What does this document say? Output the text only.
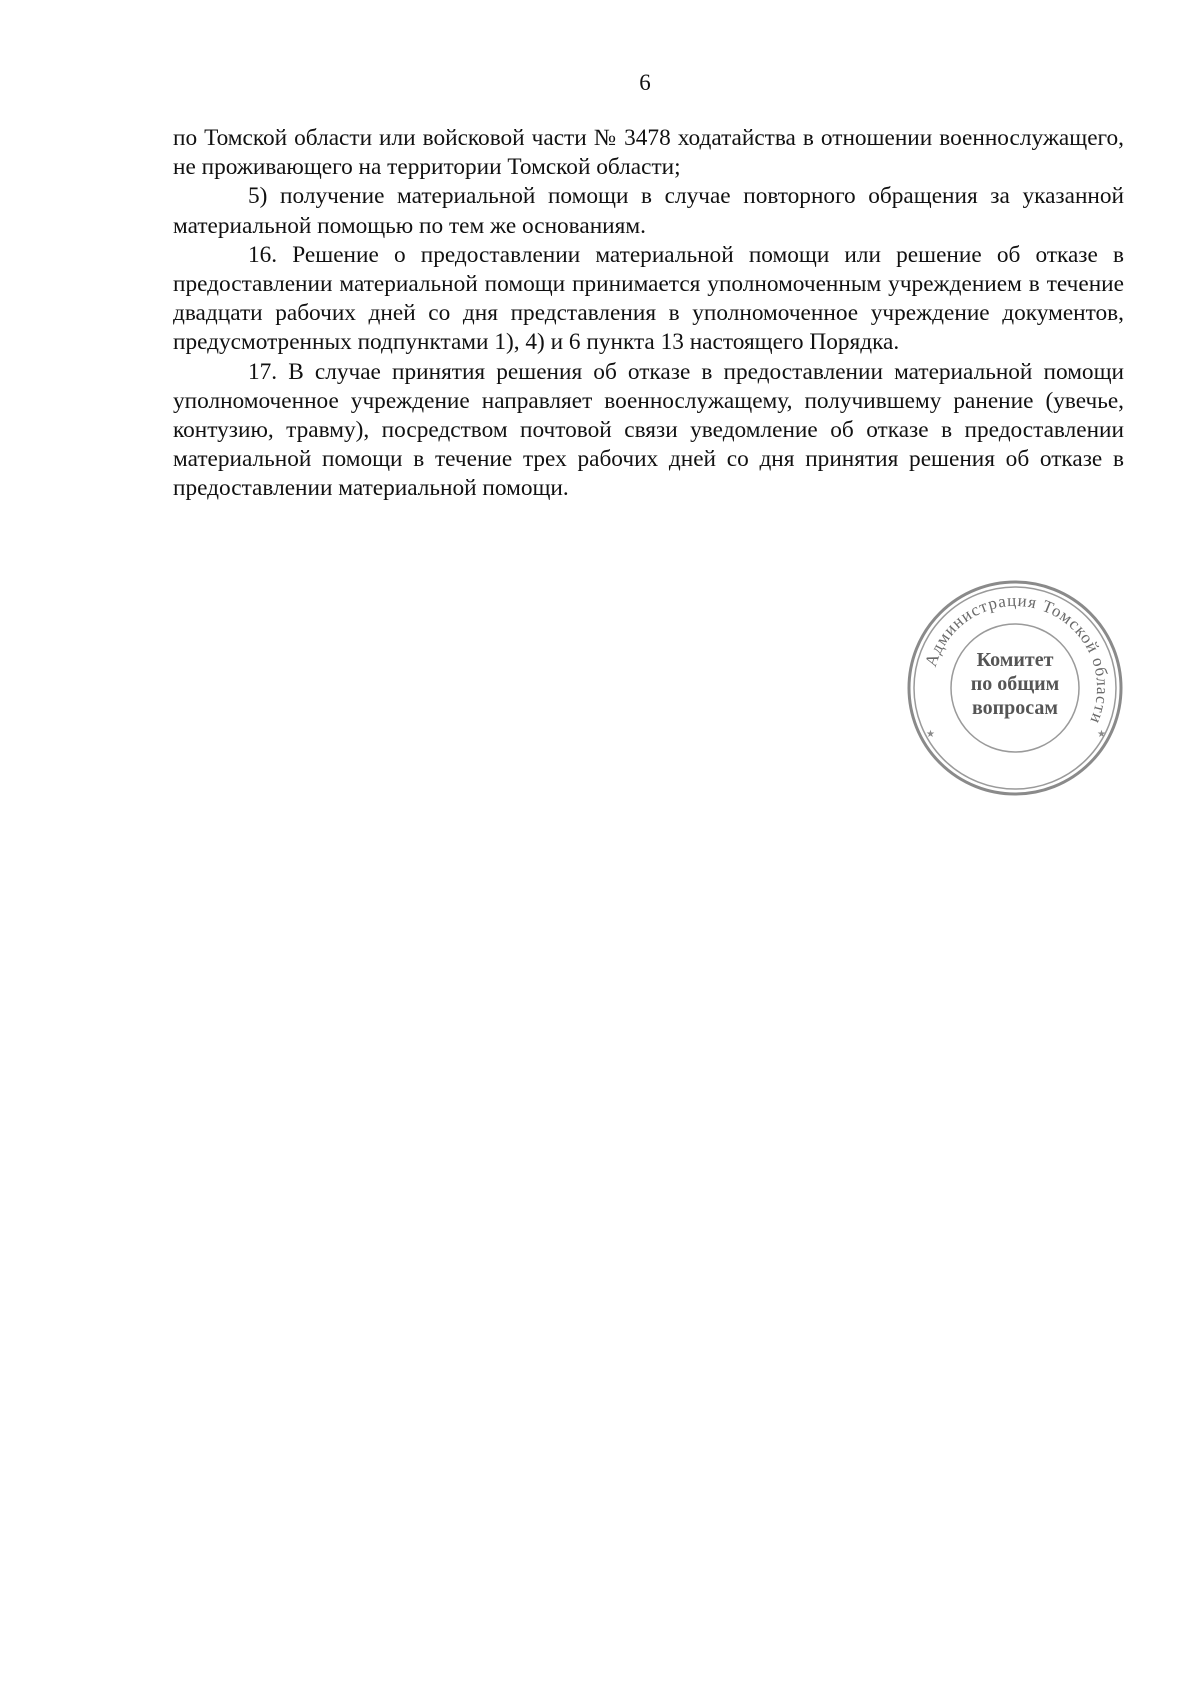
6

по Томской области или войсковой части № 3478 ходатайства в отношении военнослужащего, не проживающего на территории Томской области;

5) получение материальной помощи в случае повторного обращения за указанной материальной помощью по тем же основаниям.

16. Решение о предоставлении материальной помощи или решение об отказе в предоставлении материальной помощи принимается уполномоченным учреждением в течение двадцати рабочих дней со дня представления в уполномоченное учреждение документов, предусмотренных подпунктами 1), 4) и 6 пункта 13 настоящего Порядка.

17. В случае принятия решения об отказе в предоставлении материальной помощи уполномоченное учреждение направляет военнослужащему, получившему ранение (увечье, контузию, травму), посредством почтовой связи уведомление об отказе в предоставлении материальной помощи в течение трех рабочих дней со дня принятия решения об отказе в предоставлении материальной помощи.

Администрация Томской области
Комитет
по общим
вопросам
★	★
